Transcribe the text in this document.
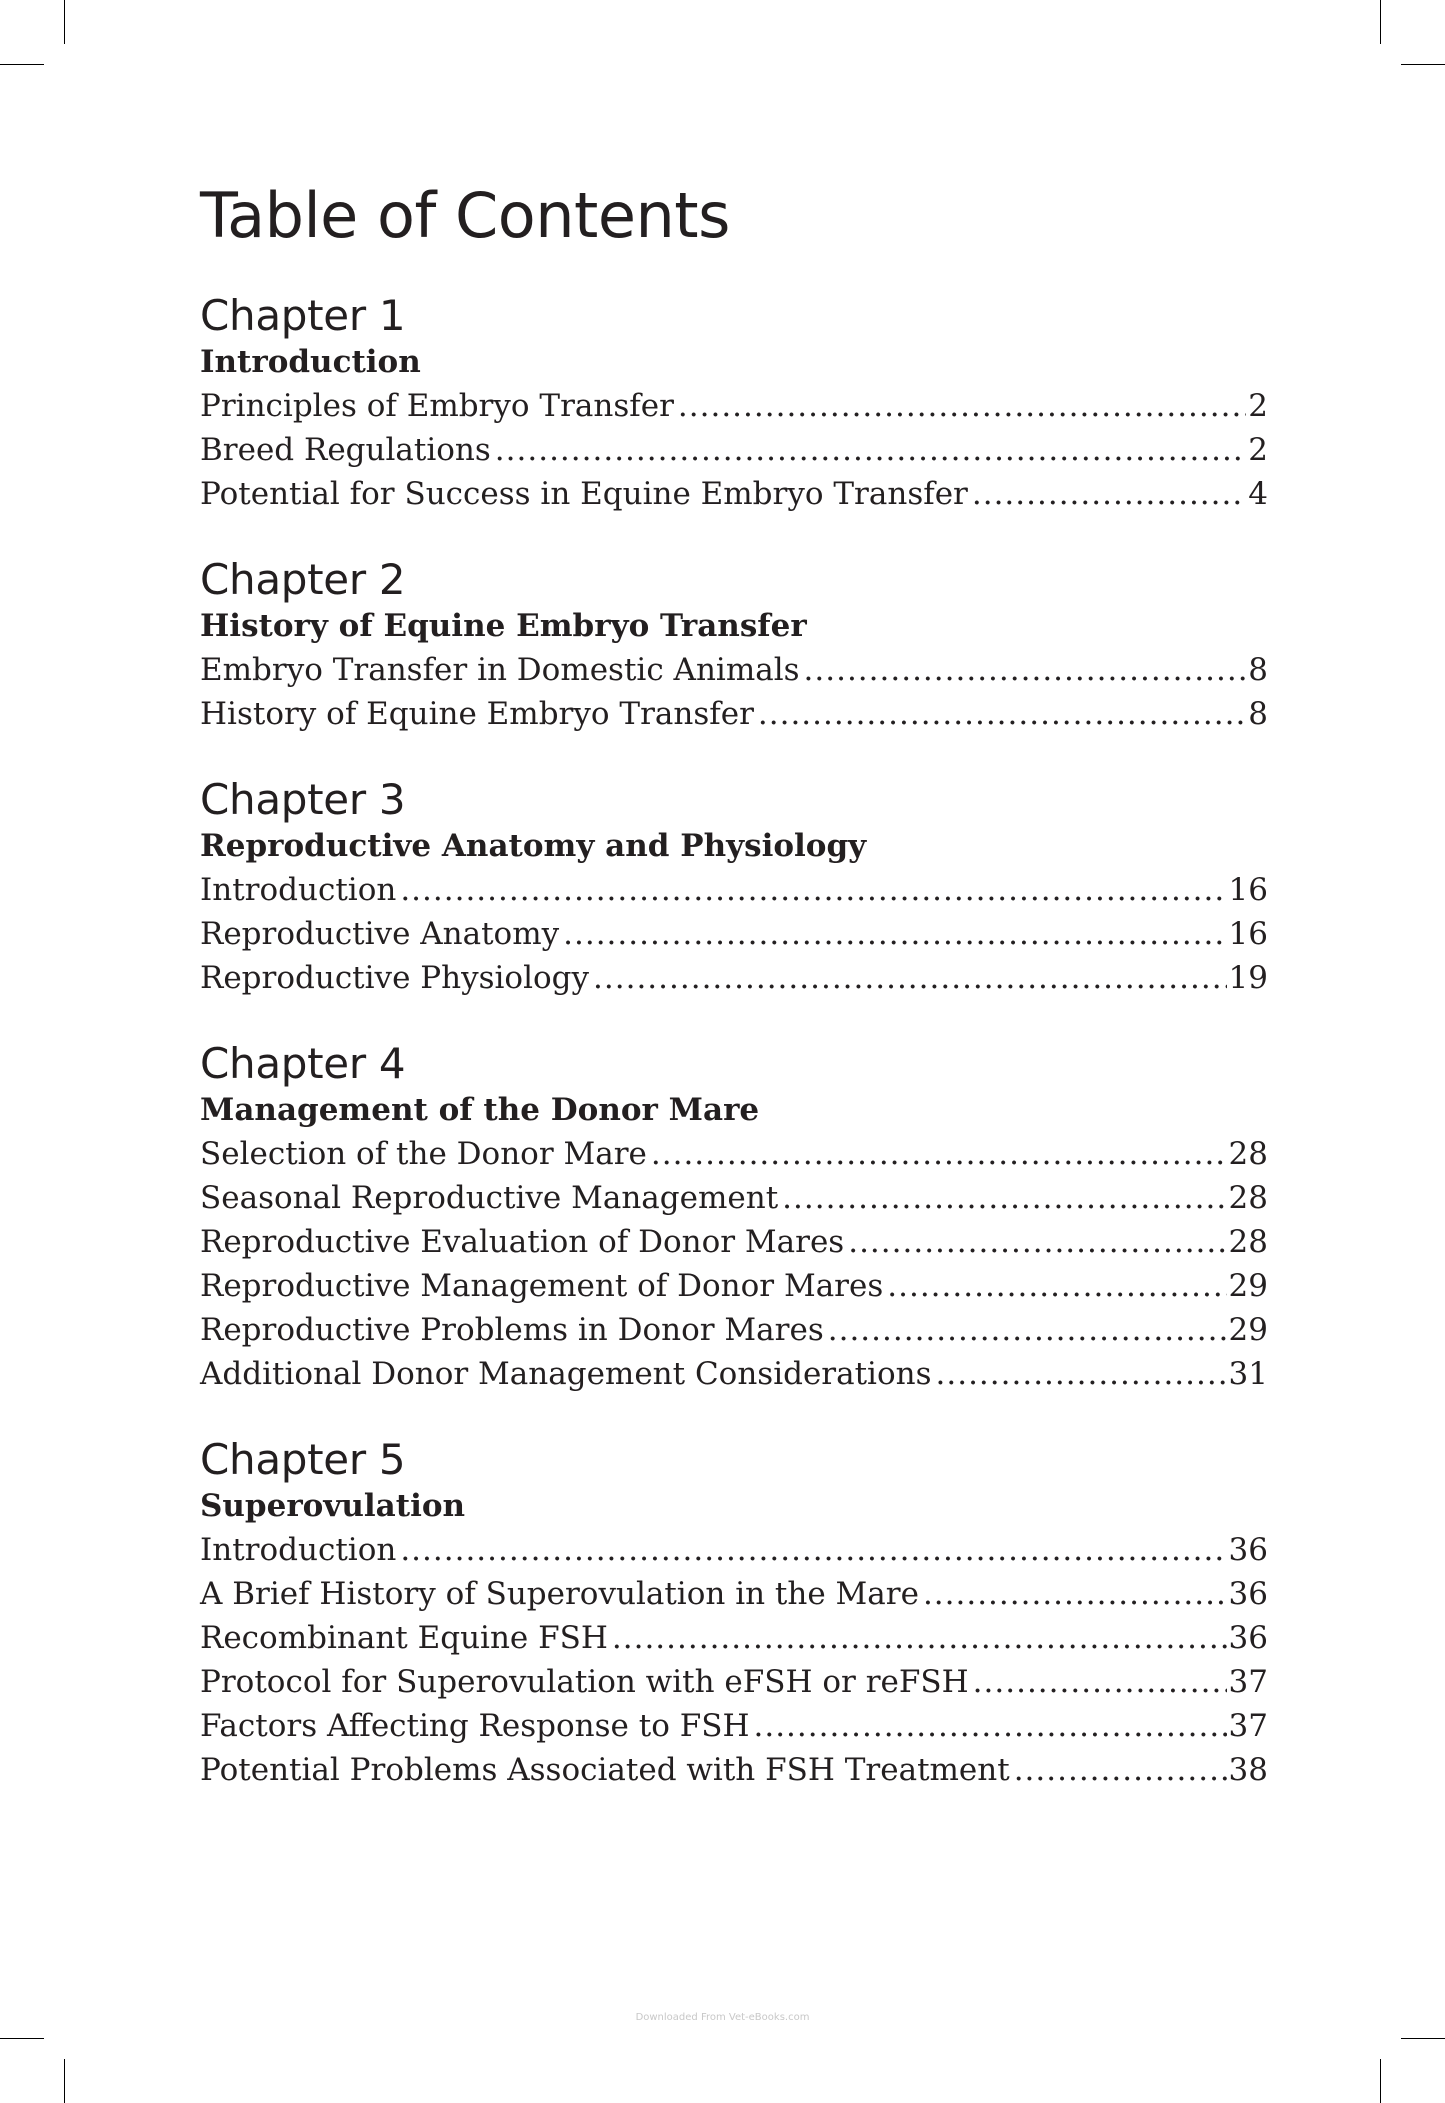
Table of Contents
Chapter 1
Introduction
Principles of Embryo Transfer .....	2
Breed Regulations .....	2
Potential for Success in Equine Embryo Transfer .....	4
Chapter 2
History of Equine Embryo Transfer
Embryo Transfer in Domestic Animals .....	8
History of Equine Embryo Transfer .....	8
Chapter 3
Reproductive Anatomy and Physiology
Introduction .....	16
Reproductive Anatomy .....	16
Reproductive Physiology .....	19
Chapter 4
Management of the Donor Mare
Selection of the Donor Mare .....	28
Seasonal Reproductive Management .....	28
Reproductive Evaluation of Donor Mares .....	28
Reproductive Management of Donor Mares .....	29
Reproductive Problems in Donor Mares .....	29
Additional Donor Management Considerations .....	31
Chapter 5
Superovulation
Introduction .....	36
A Brief History of Superovulation in the Mare .....	36
Recombinant Equine FSH .....	36
Protocol for Superovulation with eFSH or reFSH .....	37
Factors Affecting Response to FSH .....	37
Potential Problems Associated with FSH Treatment .....	38
Downloaded From Vet-eBooks.com
